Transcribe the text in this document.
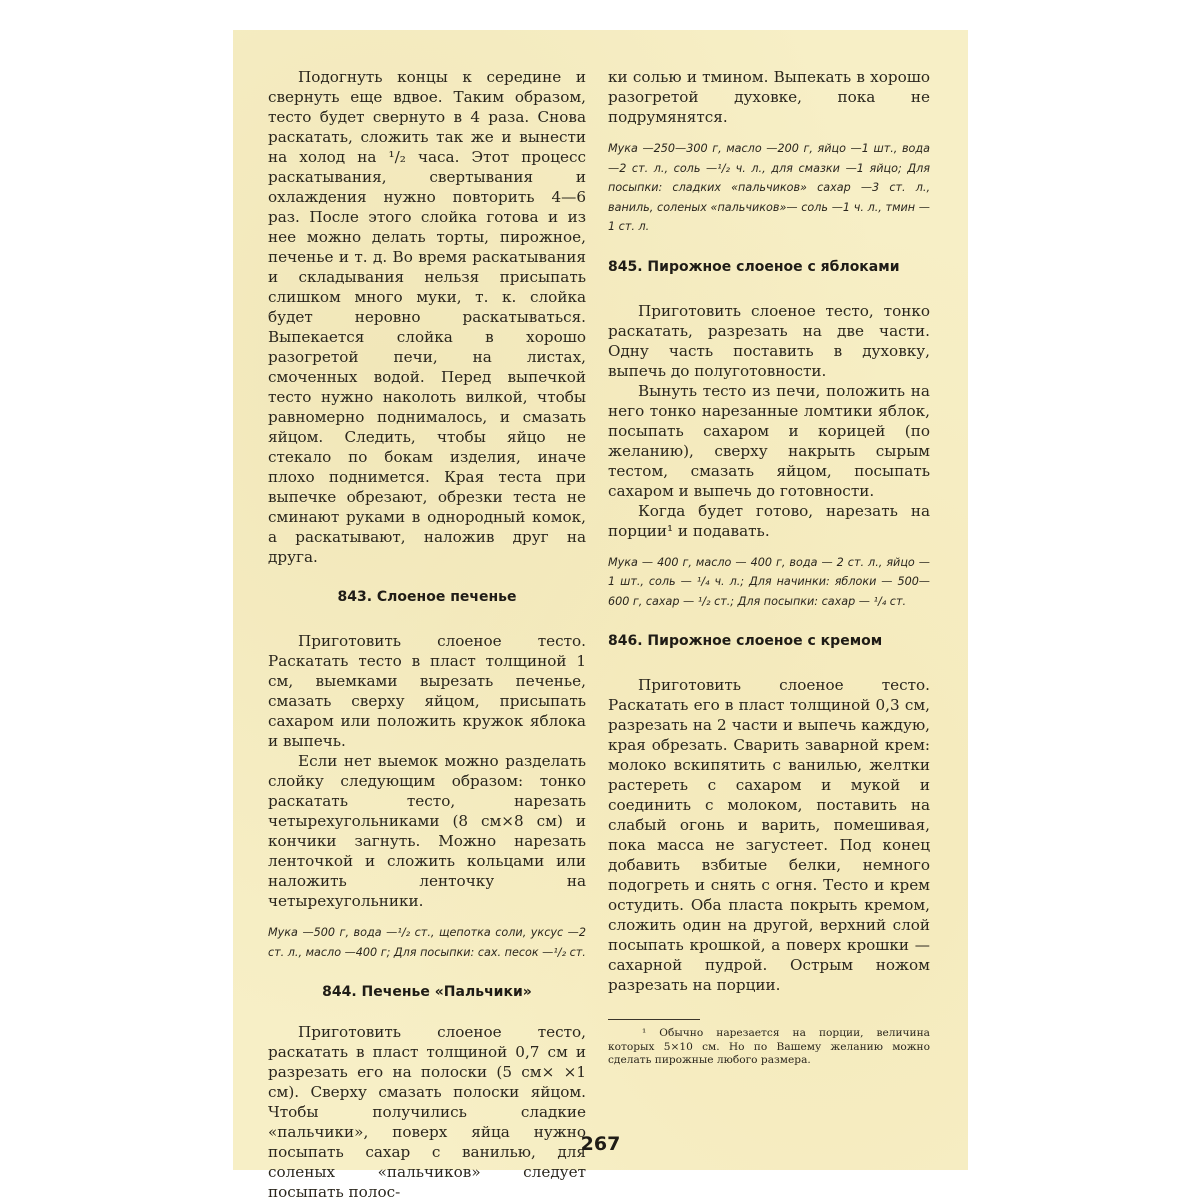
Подогнуть концы к середине и свернуть еще вдвое. Таким образом, тесто будет свернуто в 4 раза. Снова раскатать, сложить так же и вынести на холод на ¹/₂ часа. Этот процесс раскатывания, свертывания и охлаждения нужно повторить 4—6 раз. После этого слойка готова и из нее можно делать торты, пирожное, печенье и т. д. Во время раскатывания и складывания нельзя присыпать слишком много муки, т. к. слойка будет неровно раскатываться. Выпекается слойка в хорошо разогретой печи, на листах, смоченных водой. Перед выпечкой тесто нужно наколоть вилкой, чтобы равномерно поднималось, и смазать яйцом. Следить, чтобы яйцо не стекало по бокам изделия, иначе плохо поднимется. Края теста при выпечке обрезают, обрезки теста не сминают руками в однородный комок, а раскатывают, наложив друг на друга.

843. Слоеное печенье

Приготовить слоеное тесто. Раскатать тесто в пласт толщиной 1 см, выемками вырезать печенье, смазать сверху яйцом, присыпать сахаром или положить кружок яблока и выпечь.

Если нет выемок можно разделать слойку следующим образом: тонко раскатать тесто, нарезать четырехугольниками (8 см×8 см) и кончики загнуть. Можно нарезать ленточкой и сложить кольцами или наложить ленточку на четырехугольники.

Мука —500 г, вода —¹/₂ ст., щепотка соли, уксус —2 ст. л., масло —400 г; Для посыпки: сах. песок —¹/₂ ст.

844. Печенье «Пальчики»

Приготовить слоеное тесто, раскатать в пласт толщиной 0,7 см и разрезать его на полоски (5 см× ×1 см). Сверху смазать полоски яйцом. Чтобы получились сладкие «пальчики», поверх яйца нужно посыпать сахар с ванилью, для соленых «пальчиков» следует посыпать полос-

ки солью и тмином. Выпекать в хорошо разогретой духовке, пока не подрумянятся.

Мука —250—300 г, масло —200 г, яйцо —1 шт., вода —2 ст. л., соль —¹/₂ ч. л., для смазки —1 яйцо; Для посыпки: сладких «пальчиков» сахар —3 ст. л., ваниль, соленых «пальчиков»— соль —1 ч. л., тмин —1 ст. л.

845. Пирожное слоеное с яблоками

Приготовить слоеное тесто, тонко раскатать, разрезать на две части. Одну часть поставить в духовку, выпечь до полуготовности.

Вынуть тесто из печи, положить на него тонко нарезанные ломтики яблок, посыпать сахаром и корицей (по желанию), сверху накрыть сырым тестом, смазать яйцом, посыпать сахаром и выпечь до готовности.

Когда будет готово, нарезать на порции¹ и подавать.

Мука — 400 г, масло — 400 г, вода — 2 ст. л., яйцо — 1 шт., соль — ¹/₄ ч. л.; Для начинки: яблоки — 500—600 г, сахар — ¹/₂ ст.; Для посыпки: сахар — ¹/₄ ст.

846. Пирожное слоеное с кремом

Приготовить слоеное тесто. Раскатать его в пласт толщиной 0,3 см, разрезать на 2 части и выпечь каждую, края обрезать. Сварить заварной крем: молоко вскипятить с ванилью, желтки растереть с сахаром и мукой и соединить с молоком, поставить на слабый огонь и варить, помешивая, пока масса не загустеет. Под конец добавить взбитые белки, немного подогреть и снять с огня. Тесто и крем остудить. Оба пласта покрыть кремом, сложить один на другой, верхний слой посыпать крошкой, а поверх крошки — сахарной пудрой. Острым ножом разрезать на порции.

¹ Обычно нарезается на порции, величина которых 5×10 см. Но по Вашему желанию можно сделать пирожные любого размера.

267
